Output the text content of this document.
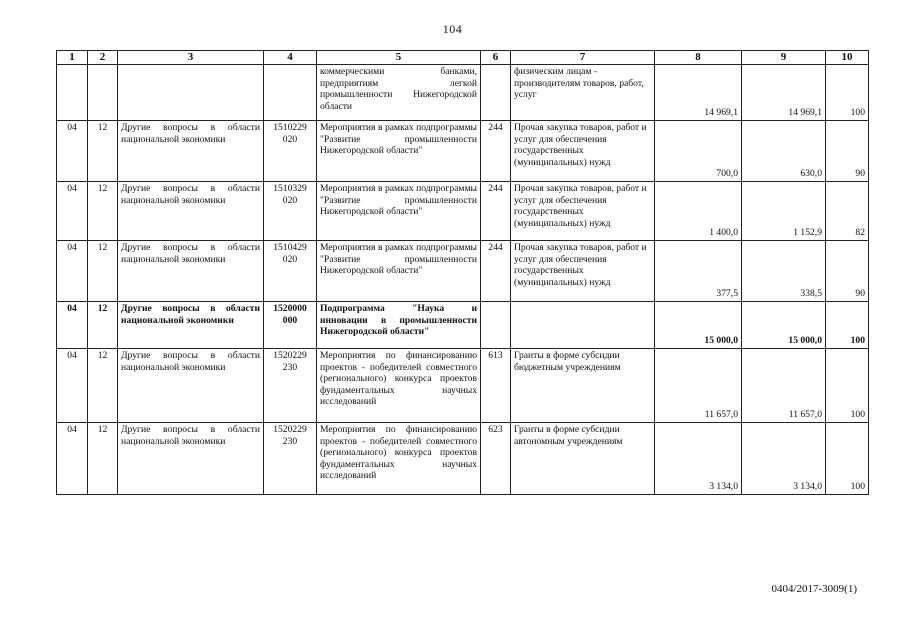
104
1	2	3	4	5	6	7	8	9	10
				коммерческими банками, предприятиям легкой промышленности Нижегородской области		физическим лицам - производителям товаров, работ, услуг	14 969,1	14 969,1	100
04	12	Другие вопросы в области национальной экономики	1510229 020	Мероприятия в рамках подпрограммы "Развитие промышленности Нижегородской области"	244	Прочая закупка товаров, работ и услуг для обеспечения государственных (муниципальных) нужд	700,0	630,0	90
04	12	Другие вопросы в области национальной экономики	1510329 020	Мероприятия в рамках подпрограммы "Развитие промышленности Нижегородской области"	244	Прочая закупка товаров, работ и услуг для обеспечения государственных (муниципальных) нужд	1 400,0	1 152,9	82
04	12	Другие вопросы в области национальной экономики	1510429 020	Мероприятия в рамках подпрограммы "Развитие промышленности Нижегородской области"	244	Прочая закупка товаров, работ и услуг для обеспечения государственных (муниципальных) нужд	377,5	338,5	90
04	12	Другие вопросы в области национальной экономики	1520000 000	Подпрограмма "Наука и инновации в промышленности Нижегородской области"			15 000,0	15 000,0	100
04	12	Другие вопросы в области национальной экономики	1520229 230	Мероприятия по финансированию проектов - победителей совместного (регионального) конкурса проектов фундаментальных научных исследований	613	Гранты в форме субсидии бюджетным учреждениям	11 657,0	11 657,0	100
04	12	Другие вопросы в области национальной экономики	1520229 230	Мероприятия по финансированию проектов - победителей совместного (регионального) конкурса проектов фундаментальных научных исследований	623	Гранты в форме субсидии автономным учреждениям	3 134,0	3 134,0	100
0404/2017-3009(1)
